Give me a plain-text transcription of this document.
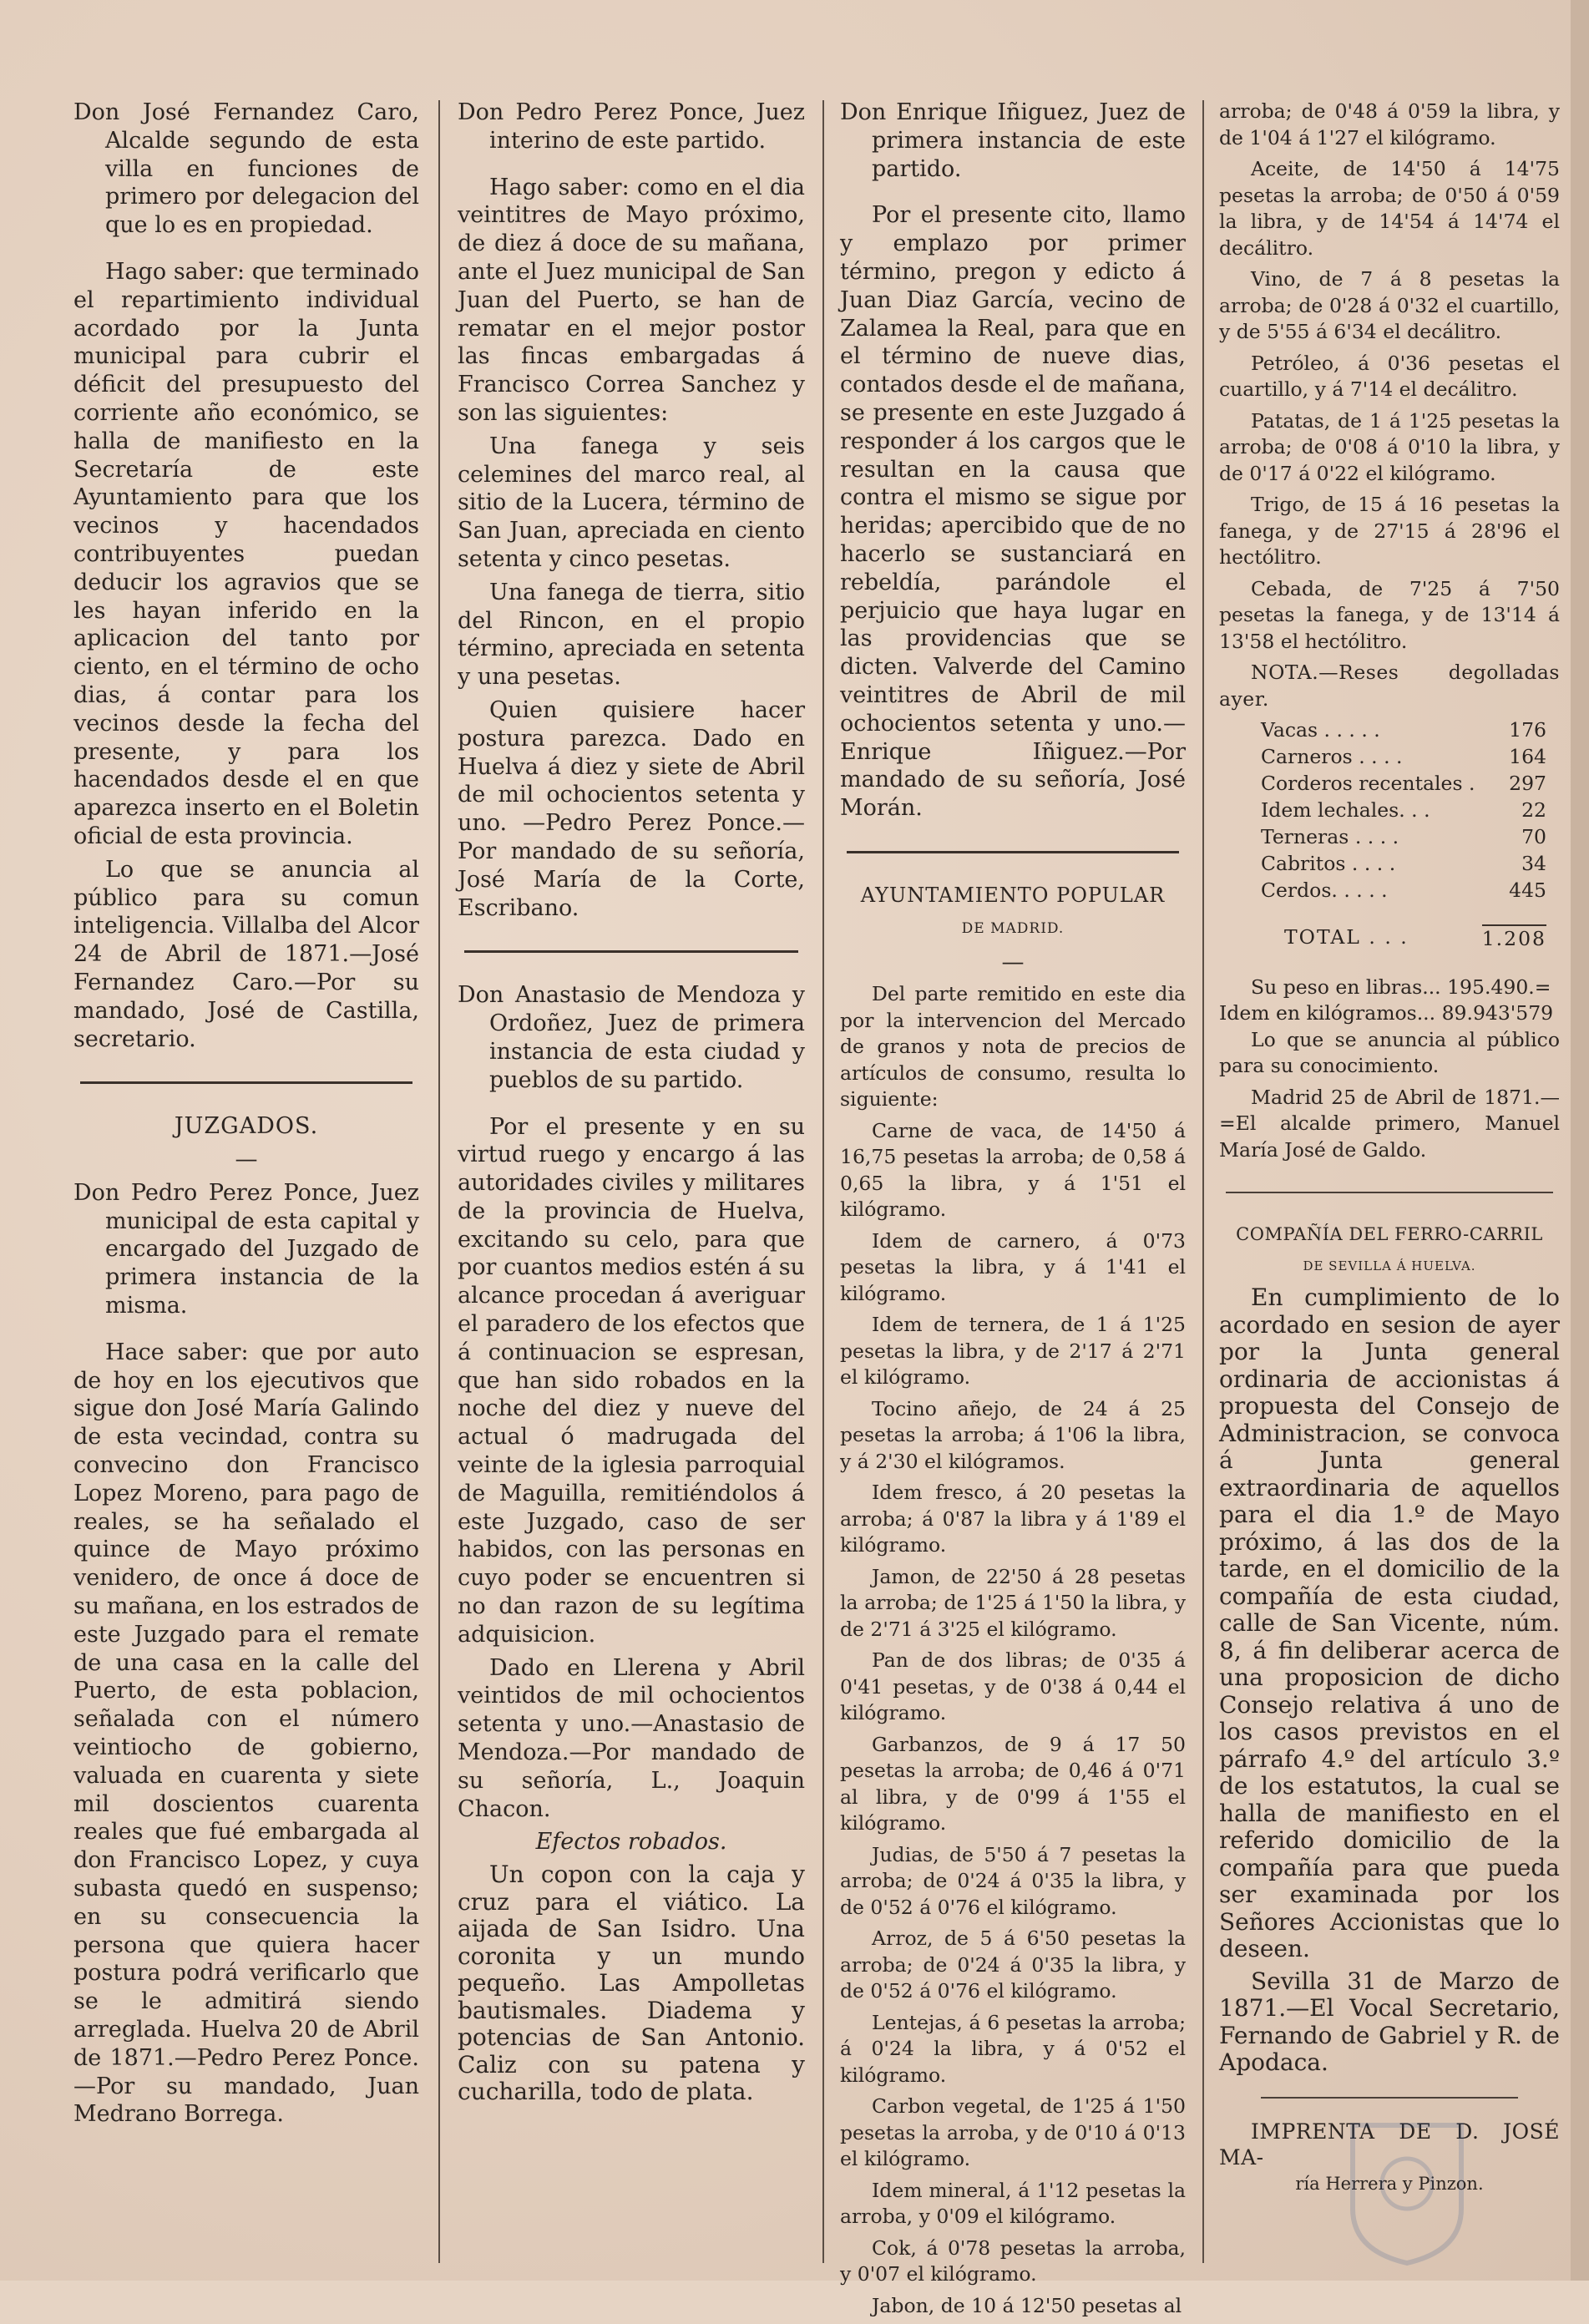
Don José Fernandez Caro, Alcalde segundo de esta villa en funciones de primero por delegacion del que lo es en propiedad.

Hago saber: que terminado el repartimiento individual acordado por la Junta municipal para cubrir el déficit del presupuesto del corriente año económico, se halla de manifiesto en la Secretaría de este Ayuntamiento para que los vecinos y hacendados contribuyentes puedan deducir los agravios que se les hayan inferido en la aplicacion del tanto por ciento, en el término de ocho dias, á contar para los vecinos desde la fecha del presente, y para los hacendados desde el en que aparezca inserto en el Boletin oficial de esta provincia.

Lo que se anuncia al público para su comun inteligencia. Villalba del Alcor 24 de Abril de 1871.—José Fernandez Caro.—Por su mandado, José de Castilla, secretario.

JUZGADOS.

—

Don Pedro Perez Ponce, Juez municipal de esta capital y encargado del Juzgado de primera instancia de la misma.

Hace saber: que por auto de hoy en los ejecutivos que sigue don José María Galindo de esta vecindad, contra su convecino don Francisco Lopez Moreno, para pago de reales, se ha señalado el quince de Mayo próximo venidero, de once á doce de su mañana, en los estrados de este Juzgado para el remate de una casa en la calle del Puerto, de esta poblacion, señalada con el número veintiocho de gobierno, valuada en cuarenta y siete mil doscientos cuarenta reales que fué embargada al don Francisco Lopez, y cuya subasta quedó en suspenso; en su consecuencia la persona que quiera hacer postura podrá verificarlo que se le admitirá siendo arreglada. Huelva 20 de Abril de 1871.—Pedro Perez Ponce.—Por su mandado, Juan Medrano Borrega.

Don Pedro Perez Ponce, Juez interino de este partido.

Hago saber: como en el dia veintitres de Mayo próximo, de diez á doce de su mañana, ante el Juez municipal de San Juan del Puerto, se han de rematar en el mejor postor las fincas embargadas á Francisco Correa Sanchez y son las siguientes:

Una fanega y seis celemines del marco real, al sitio de la Lucera, término de San Juan, apreciada en ciento setenta y cinco pesetas.

Una fanega de tierra, sitio del Rincon, en el propio término, apreciada en setenta y una pesetas.

Quien quisiere hacer postura parezca. Dado en Huelva á diez y siete de Abril de mil ochocientos setenta y uno. —Pedro Perez Ponce.—Por mandado de su señoría, José María de la Corte, Escribano.

Don Anastasio de Mendoza y Ordoñez, Juez de primera instancia de esta ciudad y pueblos de su partido.

Por el presente y en su virtud ruego y encargo á las autoridades civiles y militares de la provincia de Huelva, excitando su celo, para que por cuantos medios estén á su alcance procedan á averiguar el paradero de los efectos que á continuacion se espresan, que han sido robados en la noche del diez y nueve del actual ó madrugada del veinte de la iglesia parroquial de Maguilla, remitiéndolos á este Juzgado, caso de ser habidos, con las personas en cuyo poder se encuentren si no dan razon de su legítima adquisicion.

Dado en Llerena y Abril veintidos de mil ochocientos setenta y uno.—Anastasio de Mendoza.—Por mandado de su señoría, L., Joaquin Chacon.

Efectos robados.

Un copon con la caja y cruz para el viático. La aijada de San Isidro. Una coronita y un mundo pequeño. Las Ampolletas bautismales. Diadema y potencias de San Antonio. Caliz con su patena y cucharilla, todo de plata.

Don Enrique Iñiguez, Juez de primera instancia de este partido.

Por el presente cito, llamo y emplazo por primer término, pregon y edicto á Juan Diaz García, vecino de Zalamea la Real, para que en el término de nueve dias, contados desde el de mañana, se presente en este Juzgado á responder á los cargos que le resultan en la causa que contra el mismo se sigue por heridas; apercibido que de no hacerlo se sustanciará en rebeldía, parándole el perjuicio que haya lugar en las providencias que se dicten. Valverde del Camino veintitres de Abril de mil ochocientos setenta y uno.—Enrique Iñiguez.—Por mandado de su señoría, José Morán.

AYUNTAMIENTO POPULAR

DE MADRID.

—

Del parte remitido en este dia por la intervencion del Mercado de granos y nota de precios de artículos de consumo, resulta lo siguiente:

Carne de vaca, de 14'50 á 16,75 pesetas la arroba; de 0,58 á 0,65 la libra, y á 1'51 el kilógramo.

Idem de carnero, á 0'73 pesetas la libra, y á 1'41 el kilógramo.

Idem de ternera, de 1 á 1'25 pesetas la libra, y de 2'17 á 2'71 el kilógramo.

Tocino añejo, de 24 á 25 pesetas la arroba; á 1'06 la libra, y á 2'30 el kilógramos.

Idem fresco, á 20 pesetas la arroba; á 0'87 la libra y á 1'89 el kilógramo.

Jamon, de 22'50 á 28 pesetas la arroba; de 1'25 á 1'50 la libra, y de 2'71 á 3'25 el kilógramo.

Pan de dos libras; de 0'35 á 0'41 pesetas, y de 0'38 á 0,44 el kilógramo.

Garbanzos, de 9 á 17 50 pesetas la arroba; de 0,46 á 0'71 al libra, y de 0'99 á 1'55 el kilógramo.

Judias, de 5'50 á 7 pesetas la arroba; de 0'24 á 0'35 la libra, y de 0'52 á 0'76 el kilógramo.

Arroz, de 5 á 6'50 pesetas la arroba; de 0'24 á 0'35 la libra, y de 0'52 á 0'76 el kilógramo.

Lentejas, á 6 pesetas la arroba; á 0'24 la libra, y á 0'52 el kilógramo.

Carbon vegetal, de 1'25 á 1'50 pesetas la arroba, y de 0'10 á 0'13 el kilógramo.

Idem mineral, á 1'12 pesetas la arroba, y 0'09 el kilógramo.

Cok, á 0'78 pesetas la arroba, y 0'07 el kilógramo.

Jabon, de 10 á 12'50 pesetas al

arroba; de 0'48 á 0'59 la libra, y de 1'04 á 1'27 el kilógramo.

Aceite, de 14'50 á 14'75 pesetas la arroba; de 0'50 á 0'59 la libra, y de 14'54 á 14'74 el decálitro.

Vino, de 7 á 8 pesetas la arroba; de 0'28 á 0'32 el cuartillo, y de 5'55 á 6'34 el decálitro.

Petróleo, á 0'36 pesetas el cuartillo, y á 7'14 el decálitro.

Patatas, de 1 á 1'25 pesetas la arroba; de 0'08 á 0'10 la libra, y de 0'17 á 0'22 el kilógramo.

Trigo, de 15 á 16 pesetas la fanega, y de 27'15 á 28'96 el hectólitro.

Cebada, de 7'25 á 7'50 pesetas la fanega, y de 13'14 á 13'58 el hectólitro.

NOTA.—Reses degolladas ayer.

Vacas . . . . .	176
Carneros . . . .	164
Corderos recentales .	297
Idem lechales. . .	22
Terneras . . . .	70
Cabritos . . . .	34
Cerdos. . . . .	445
TOTAL . . .	1.208

Su peso en libras... 195.490.=

Idem en kilógramos... 89.943'579

Lo que se anuncia al público para su conocimiento.

Madrid 25 de Abril de 1871.— =El alcalde primero, Manuel María José de Galdo.

COMPAÑÍA DEL FERRO-CARRIL

DE SEVILLA Á HUELVA.

En cumplimiento de lo acordado en sesion de ayer por la Junta general ordinaria de accionistas á propuesta del Consejo de Administracion, se convoca á Junta general extraordinaria de aquellos para el dia 1.º de Mayo próximo, á las dos de la tarde, en el domicilio de la compañía de esta ciudad, calle de San Vicente, núm. 8, á fin deliberar acerca de una proposicion de dicho Consejo relativa á uno de los casos previstos en el párrafo 4.º del artículo 3.º de los estatutos, la cual se halla de manifiesto en el referido domicilio de la compañía para que pueda ser examinada por los Señores Accionistas que lo deseen.

Sevilla 31 de Marzo de 1871.—El Vocal Secretario, Fernando de Gabriel y R. de Apodaca.

IMPRENTA DE D. JOSÉ MA-

ría Herrera y Pinzon.
